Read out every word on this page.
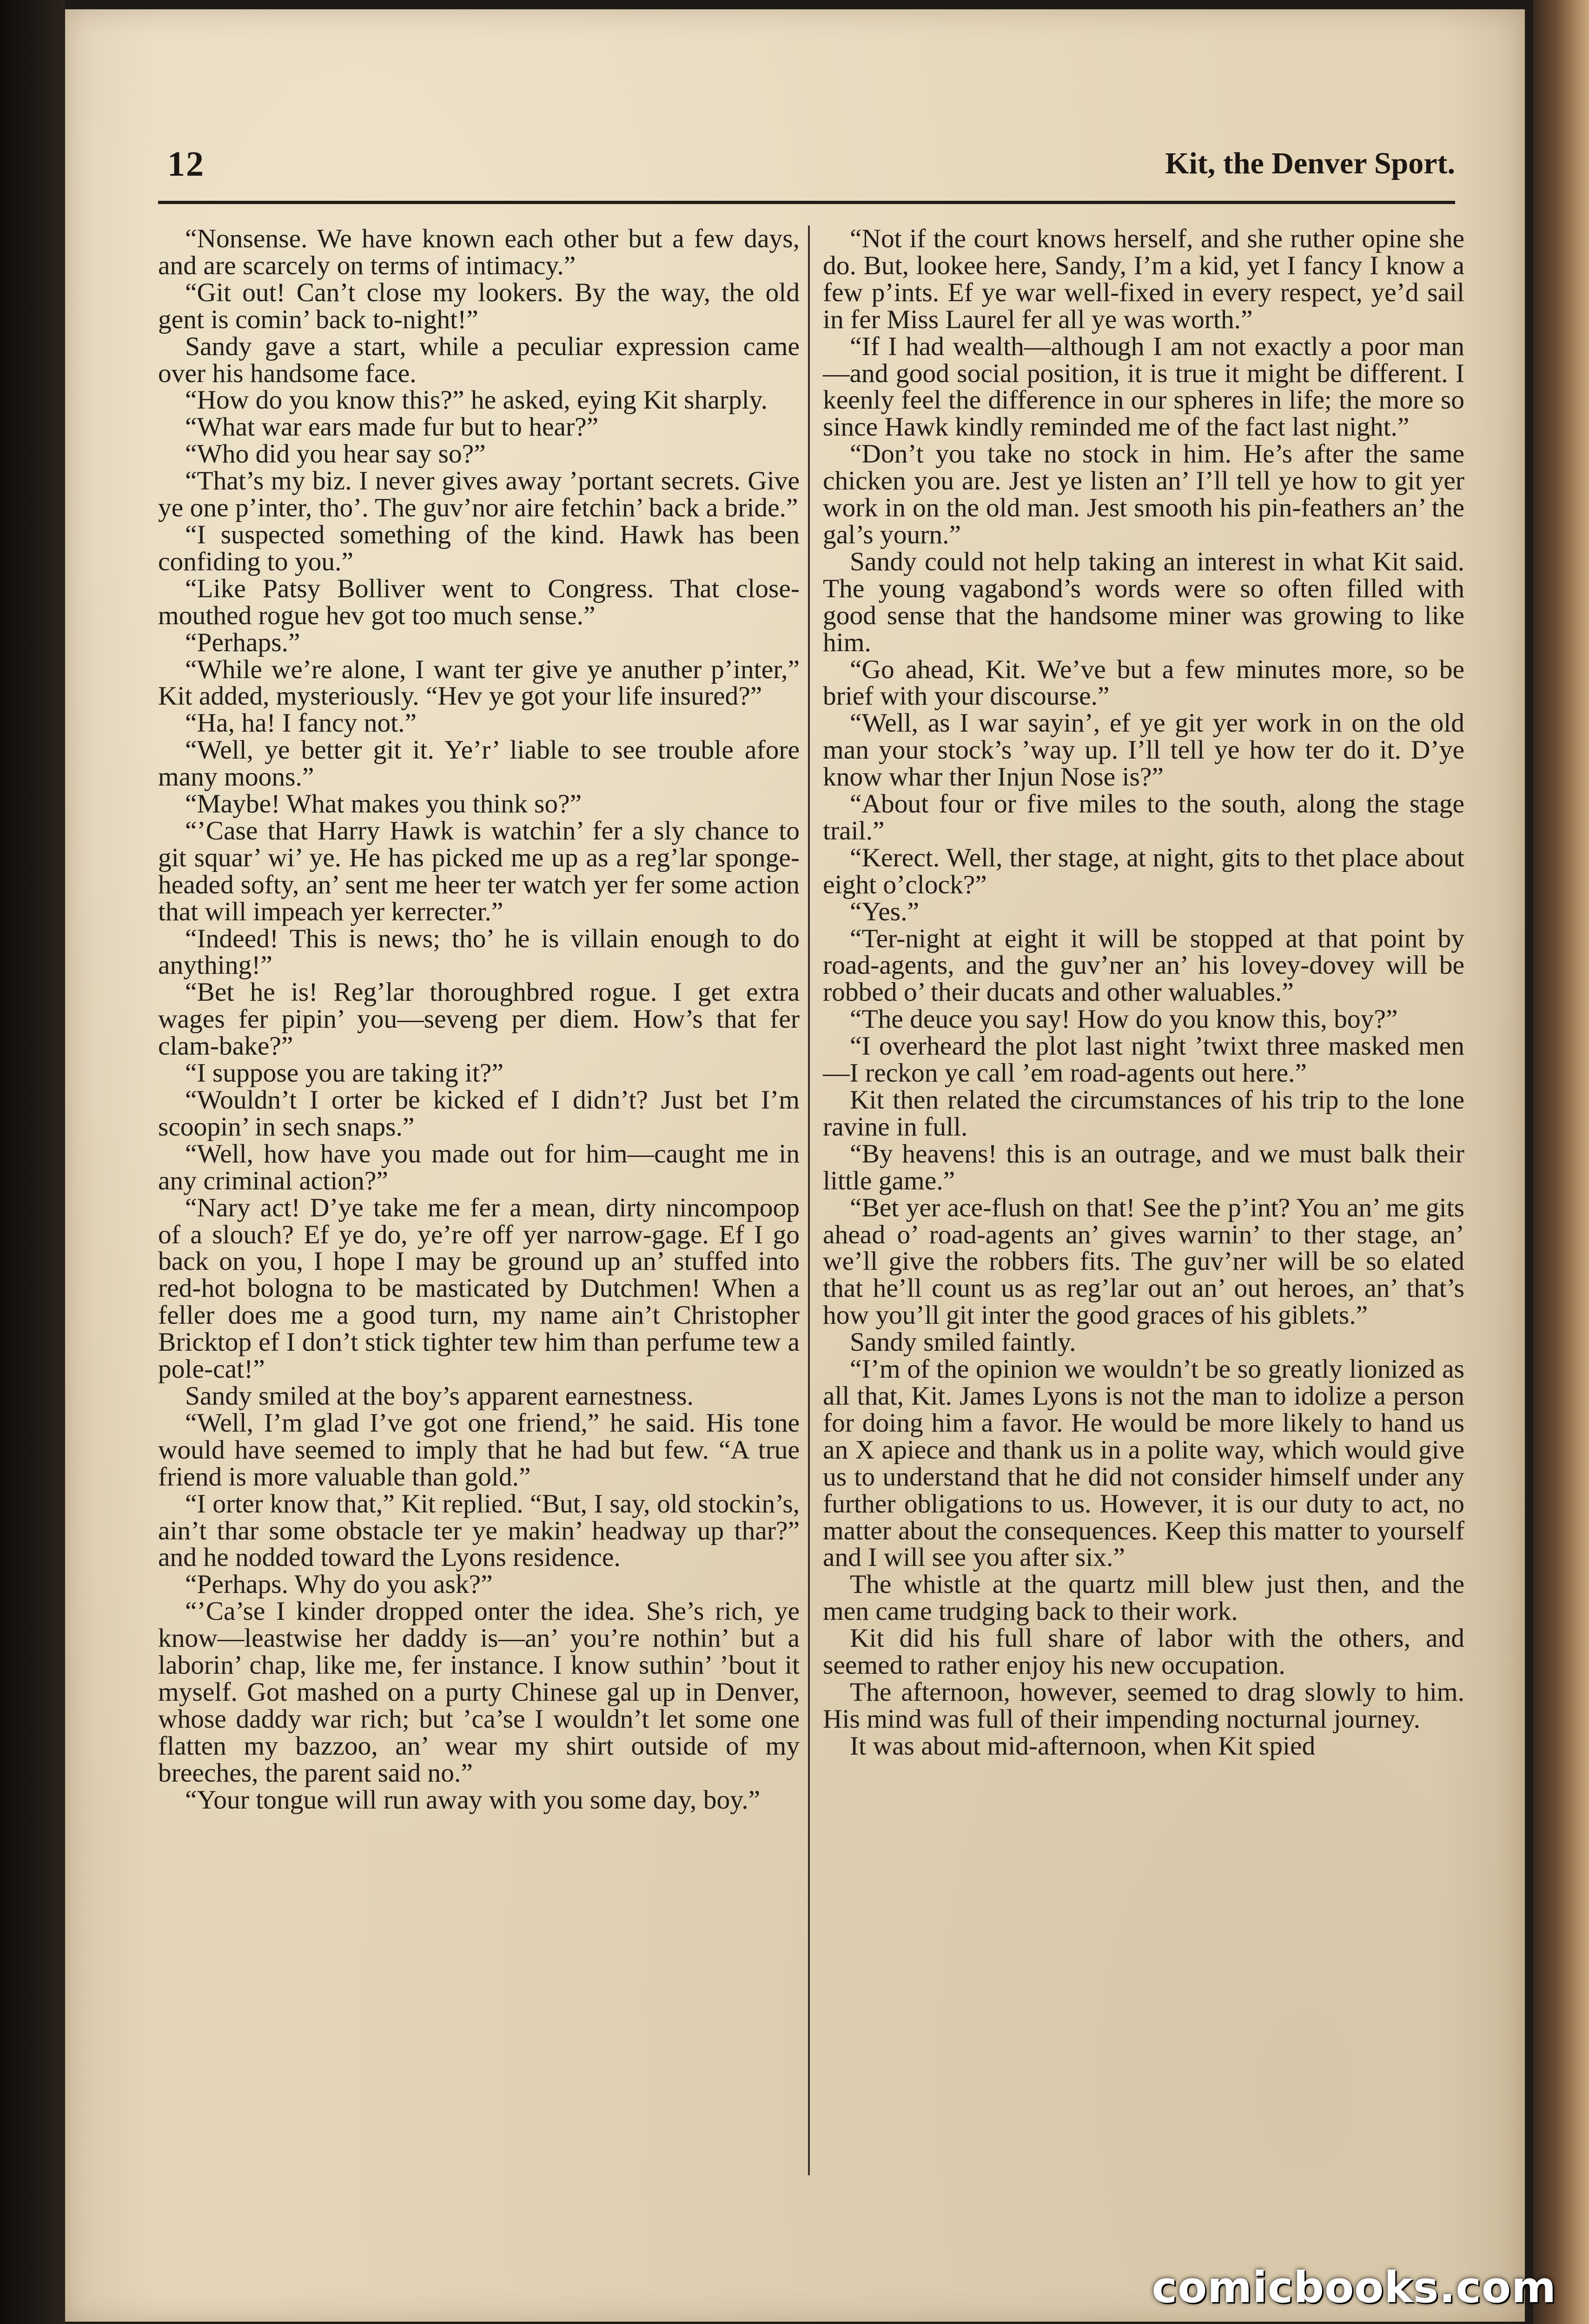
12	Kit, the Denver Sport.

“Nonsense. We have known each other but a few days, and are scarcely on terms of intimacy.”

“Git out! Can’t close my lookers. By the way, the old gent is comin’ back to-night!”

Sandy gave a start, while a peculiar expression came over his handsome face.

“How do you know this?” he asked, eying Kit sharply.

“What war ears made fur but to hear?”

“Who did you hear say so?”

“That’s my biz. I never gives away ’portant secrets. Give ye one p’inter, tho’. The guv’nor aire fetchin’ back a bride.”

“I suspected something of the kind. Hawk has been confiding to you.”

“Like Patsy Bolliver went to Congress. That close-mouthed rogue hev got too much sense.”

“Perhaps.”

“While we’re alone, I want ter give ye anuther p’inter,” Kit added, mysteriously. “Hev ye got your life insured?”

“Ha, ha! I fancy not.”

“Well, ye better git it. Ye’r’ liable to see trouble afore many moons.”

“Maybe! What makes you think so?”

“’Case that Harry Hawk is watchin’ fer a sly chance to git squar’ wi’ ye. He has picked me up as a reg’lar sponge-headed softy, an’ sent me heer ter watch yer fer some action that will impeach yer kerrecter.”

“Indeed! This is news; tho’ he is villain enough to do anything!”

“Bet he is! Reg’lar thoroughbred rogue. I get extra wages fer pipin’ you—seveng per diem. How’s that fer clam-bake?”

“I suppose you are taking it?”

“Wouldn’t I orter be kicked ef I didn’t? Just bet I’m scoopin’ in sech snaps.”

“Well, how have you made out for him—caught me in any criminal action?”

“Nary act! D’ye take me fer a mean, dirty nincompoop of a slouch? Ef ye do, ye’re off yer narrow-gage. Ef I go back on you, I hope I may be ground up an’ stuffed into red-hot bologna to be masticated by Dutchmen! When a feller does me a good turn, my name ain’t Christopher Bricktop ef I don’t stick tighter tew him than perfume tew a pole-cat!”

Sandy smiled at the boy’s apparent earnestness.

“Well, I’m glad I’ve got one friend,” he said. His tone would have seemed to imply that he had but few. “A true friend is more valuable than gold.”

“I orter know that,” Kit replied. “But, I say, old stockin’s, ain’t thar some obstacle ter ye makin’ headway up thar?” and he nodded toward the Lyons residence.

“Perhaps. Why do you ask?”

“’Ca’se I kinder dropped onter the idea. She’s rich, ye know—leastwise her daddy is—an’ you’re nothin’ but a laborin’ chap, like me, fer instance. I know suthin’ ’bout it myself. Got mashed on a purty Chinese gal up in Denver, whose daddy war rich; but ’ca’se I wouldn’t let some one flatten my bazzoo, an’ wear my shirt outside of my breeches, the parent said no.”

“Your tongue will run away with you some day, boy.”

“Not if the court knows herself, and she ruther opine she do. But, lookee here, Sandy, I’m a kid, yet I fancy I know a few p’ints. Ef ye war well-fixed in every respect, ye’d sail in fer Miss Laurel fer all ye was worth.”

“If I had wealth—although I am not exactly a poor man—and good social position, it is true it might be different. I keenly feel the difference in our spheres in life; the more so since Hawk kindly reminded me of the fact last night.”

“Don’t you take no stock in him. He’s after the same chicken you are. Jest ye listen an’ I’ll tell ye how to git yer work in on the old man. Jest smooth his pin-feathers an’ the gal’s yourn.”

Sandy could not help taking an interest in what Kit said. The young vagabond’s words were so often filled with good sense that the handsome miner was growing to like him.

“Go ahead, Kit. We’ve but a few minutes more, so be brief with your discourse.”

“Well, as I war sayin’, ef ye git yer work in on the old man your stock’s ’way up. I’ll tell ye how ter do it. D’ye know whar ther Injun Nose is?”

“About four or five miles to the south, along the stage trail.”

“Kerect. Well, ther stage, at night, gits to thet place about eight o’clock?”

“Yes.”

“Ter-night at eight it will be stopped at that point by road-agents, and the guv’ner an’ his lovey-dovey will be robbed o’ their ducats and other waluables.”

“The deuce you say! How do you know this, boy?”

“I overheard the plot last night ’twixt three masked men—I reckon ye call ’em road-agents out here.”

Kit then related the circumstances of his trip to the lone ravine in full.

“By heavens! this is an outrage, and we must balk their little game.”

“Bet yer ace-flush on that! See the p’int? You an’ me gits ahead o’ road-agents an’ gives warnin’ to ther stage, an’ we’ll give the robbers fits. The guv’ner will be so elated that he’ll count us as reg’lar out an’ out heroes, an’ that’s how you’ll git inter the good graces of his giblets.”

Sandy smiled faintly.

“I’m of the opinion we wouldn’t be so greatly lionized as all that, Kit. James Lyons is not the man to idolize a person for doing him a favor. He would be more likely to hand us an X apiece and thank us in a polite way, which would give us to understand that he did not consider himself under any further obligations to us. However, it is our duty to act, no matter about the consequences. Keep this matter to yourself and I will see you after six.”

The whistle at the quartz mill blew just then, and the men came trudging back to their work.

Kit did his full share of labor with the others, and seemed to rather enjoy his new occupation.

The afternoon, however, seemed to drag slowly to him. His mind was full of their impending nocturnal journey.

It was about mid-afternoon, when Kit spied

comicbooks.com
